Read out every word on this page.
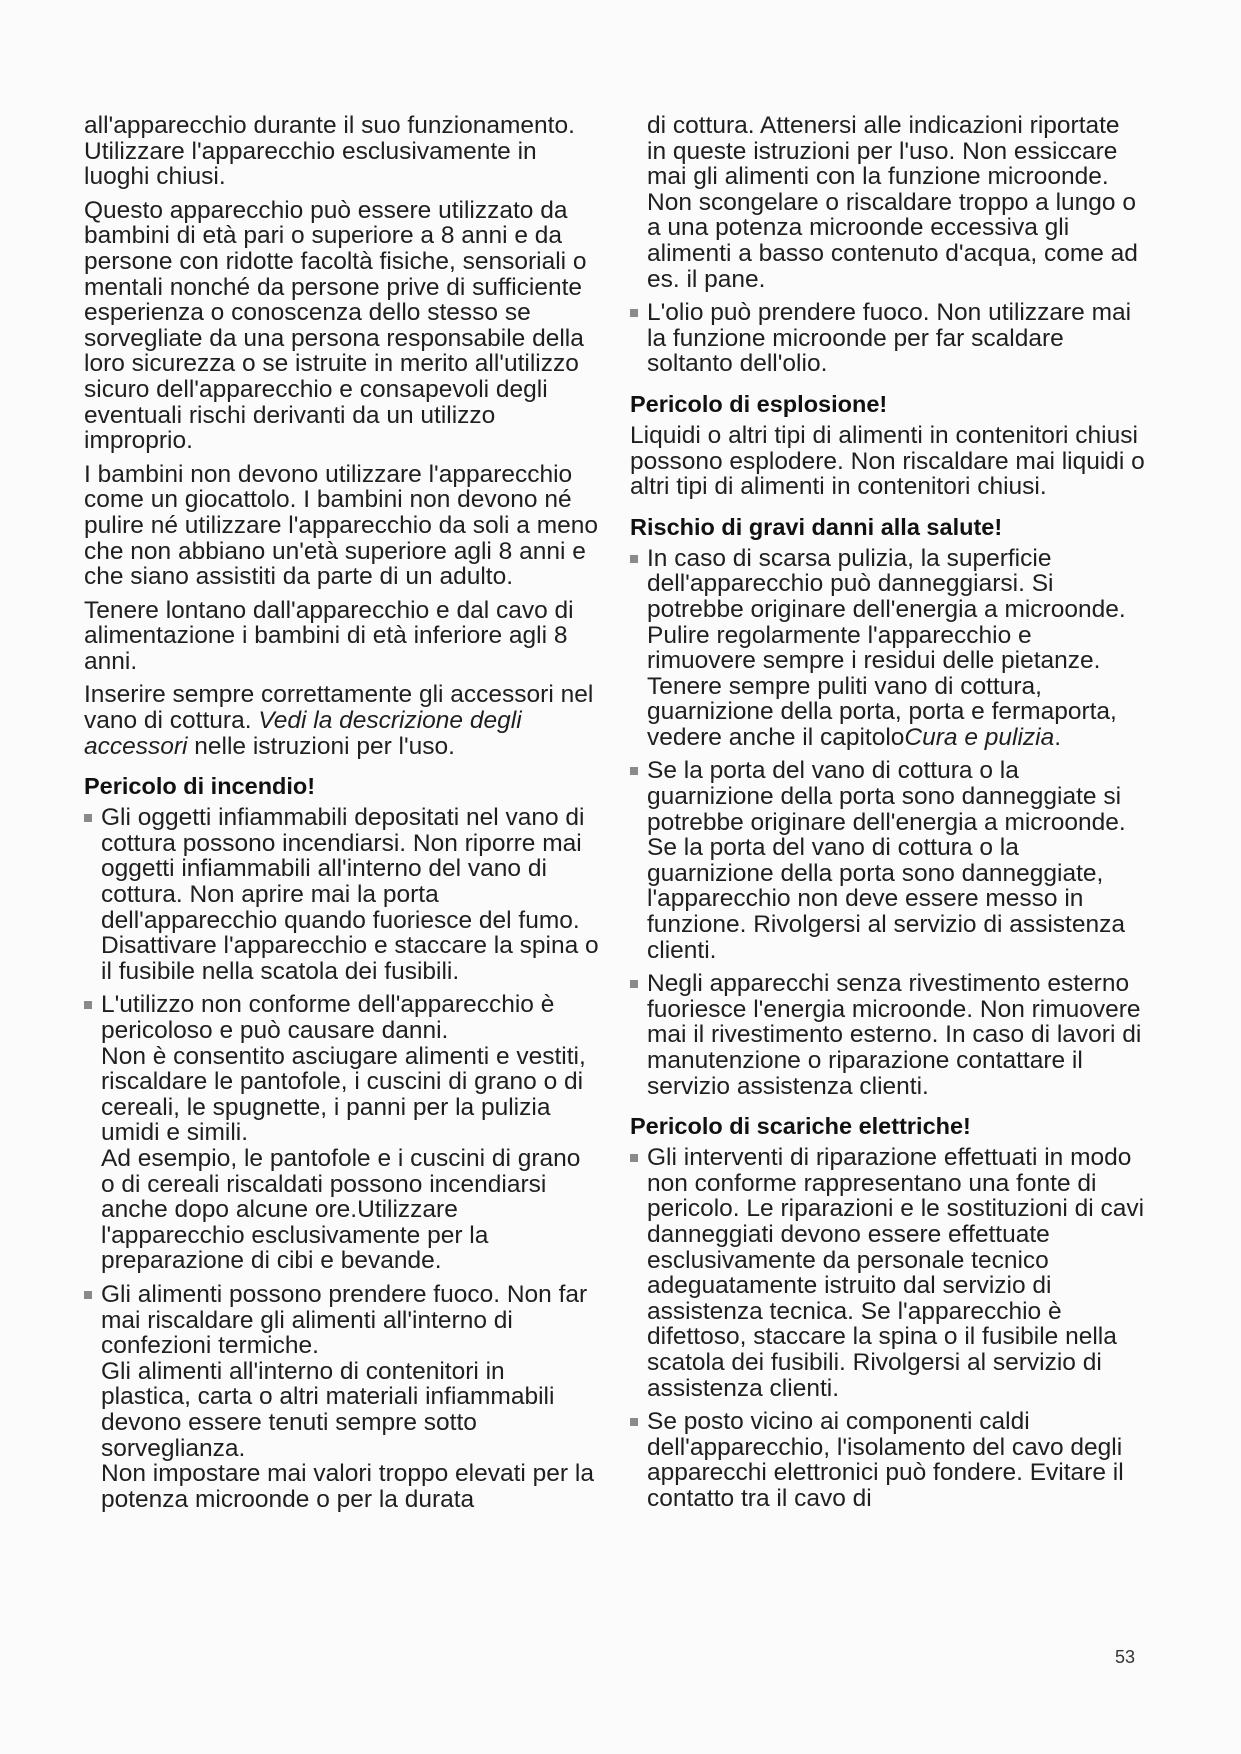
all'apparecchio durante il suo funzionamento. Utilizzare l'apparecchio esclusivamente in luoghi chiusi.

Questo apparecchio può essere utilizzato da bambini di età pari o superiore a 8 anni e da persone con ridotte facoltà fisiche, sensoriali o mentali nonché da persone prive di sufficiente esperienza o conoscenza dello stesso se sorvegliate da una persona responsabile della loro sicurezza o se istruite in merito all'utilizzo sicuro dell'apparecchio e consapevoli degli eventuali rischi derivanti da un utilizzo improprio.

I bambini non devono utilizzare l'apparecchio come un giocattolo. I bambini non devono né pulire né utilizzare l'apparecchio da soli a meno che non abbiano un'età superiore agli 8 anni e che siano assistiti da parte di un adulto.

Tenere lontano dall'apparecchio e dal cavo di alimentazione i bambini di età inferiore agli 8 anni.

Inserire sempre correttamente gli accessori nel vano di cottura. Vedi la descrizione degli accessori nelle istruzioni per l'uso.

Pericolo di incendio!
Gli oggetti infiammabili depositati nel vano di cottura possono incendiarsi. Non riporre mai oggetti infiammabili all'interno del vano di cottura. Non aprire mai la porta dell'apparecchio quando fuoriesce del fumo. Disattivare l'apparecchio e staccare la spina o il fusibile nella scatola dei fusibili.
L'utilizzo non conforme dell'apparecchio è pericoloso e può causare danni.
Non è consentito asciugare alimenti e vestiti, riscaldare le pantofole, i cuscini di grano o di cereali, le spugnette, i panni per la pulizia umidi e simili.
Ad esempio, le pantofole e i cuscini di grano o di cereali riscaldati possono incendiarsi anche dopo alcune ore.Utilizzare l'apparecchio esclusivamente per la preparazione di cibi e bevande.
Gli alimenti possono prendere fuoco. Non far mai riscaldare gli alimenti all'interno di confezioni termiche.
Gli alimenti all'interno di contenitori in plastica, carta o altri materiali infiammabili devono essere tenuti sempre sotto sorveglianza.
Non impostare mai valori troppo elevati per la potenza microonde o per la durata
di cottura. Attenersi alle indicazioni riportate in queste istruzioni per l'uso. Non essiccare mai gli alimenti con la funzione microonde.
Non scongelare o riscaldare troppo a lungo o a una potenza microonde eccessiva gli alimenti a basso contenuto d'acqua, come ad es. il pane.
L'olio può prendere fuoco. Non utilizzare mai la funzione microonde per far scaldare soltanto dell'olio.
Pericolo di esplosione!

Liquidi o altri tipi di alimenti in contenitori chiusi possono esplodere. Non riscaldare mai liquidi o altri tipi di alimenti in contenitori chiusi.

Rischio di gravi danni alla salute!
In caso di scarsa pulizia, la superficie dell'apparecchio può danneggiarsi. Si potrebbe originare dell'energia a microonde. Pulire regolarmente l'apparecchio e rimuovere sempre i residui delle pietanze. Tenere sempre puliti vano di cottura, guarnizione della porta, porta e fermaporta, vedere anche il capitoloCura e pulizia.
Se la porta del vano di cottura o la guarnizione della porta sono danneggiate si potrebbe originare dell'energia a microonde. Se la porta del vano di cottura o la guarnizione della porta sono danneggiate, l'apparecchio non deve essere messo in funzione. Rivolgersi al servizio di assistenza clienti.
Negli apparecchi senza rivestimento esterno fuoriesce l'energia microonde. Non rimuovere mai il rivestimento esterno. In caso di lavori di manutenzione o riparazione contattare il servizio assistenza clienti.
Pericolo di scariche elettriche!
Gli interventi di riparazione effettuati in modo non conforme rappresentano una fonte di pericolo. Le riparazioni e le sostituzioni di cavi danneggiati devono essere effettuate esclusivamente da personale tecnico adeguatamente istruito dal servizio di assistenza tecnica. Se l'apparecchio è difettoso, staccare la spina o il fusibile nella scatola dei fusibili. Rivolgersi al servizio di assistenza clienti.
Se posto vicino ai componenti caldi dell'apparecchio, l'isolamento del cavo degli apparecchi elettronici può fondere. Evitare il contatto tra il cavo di
53
